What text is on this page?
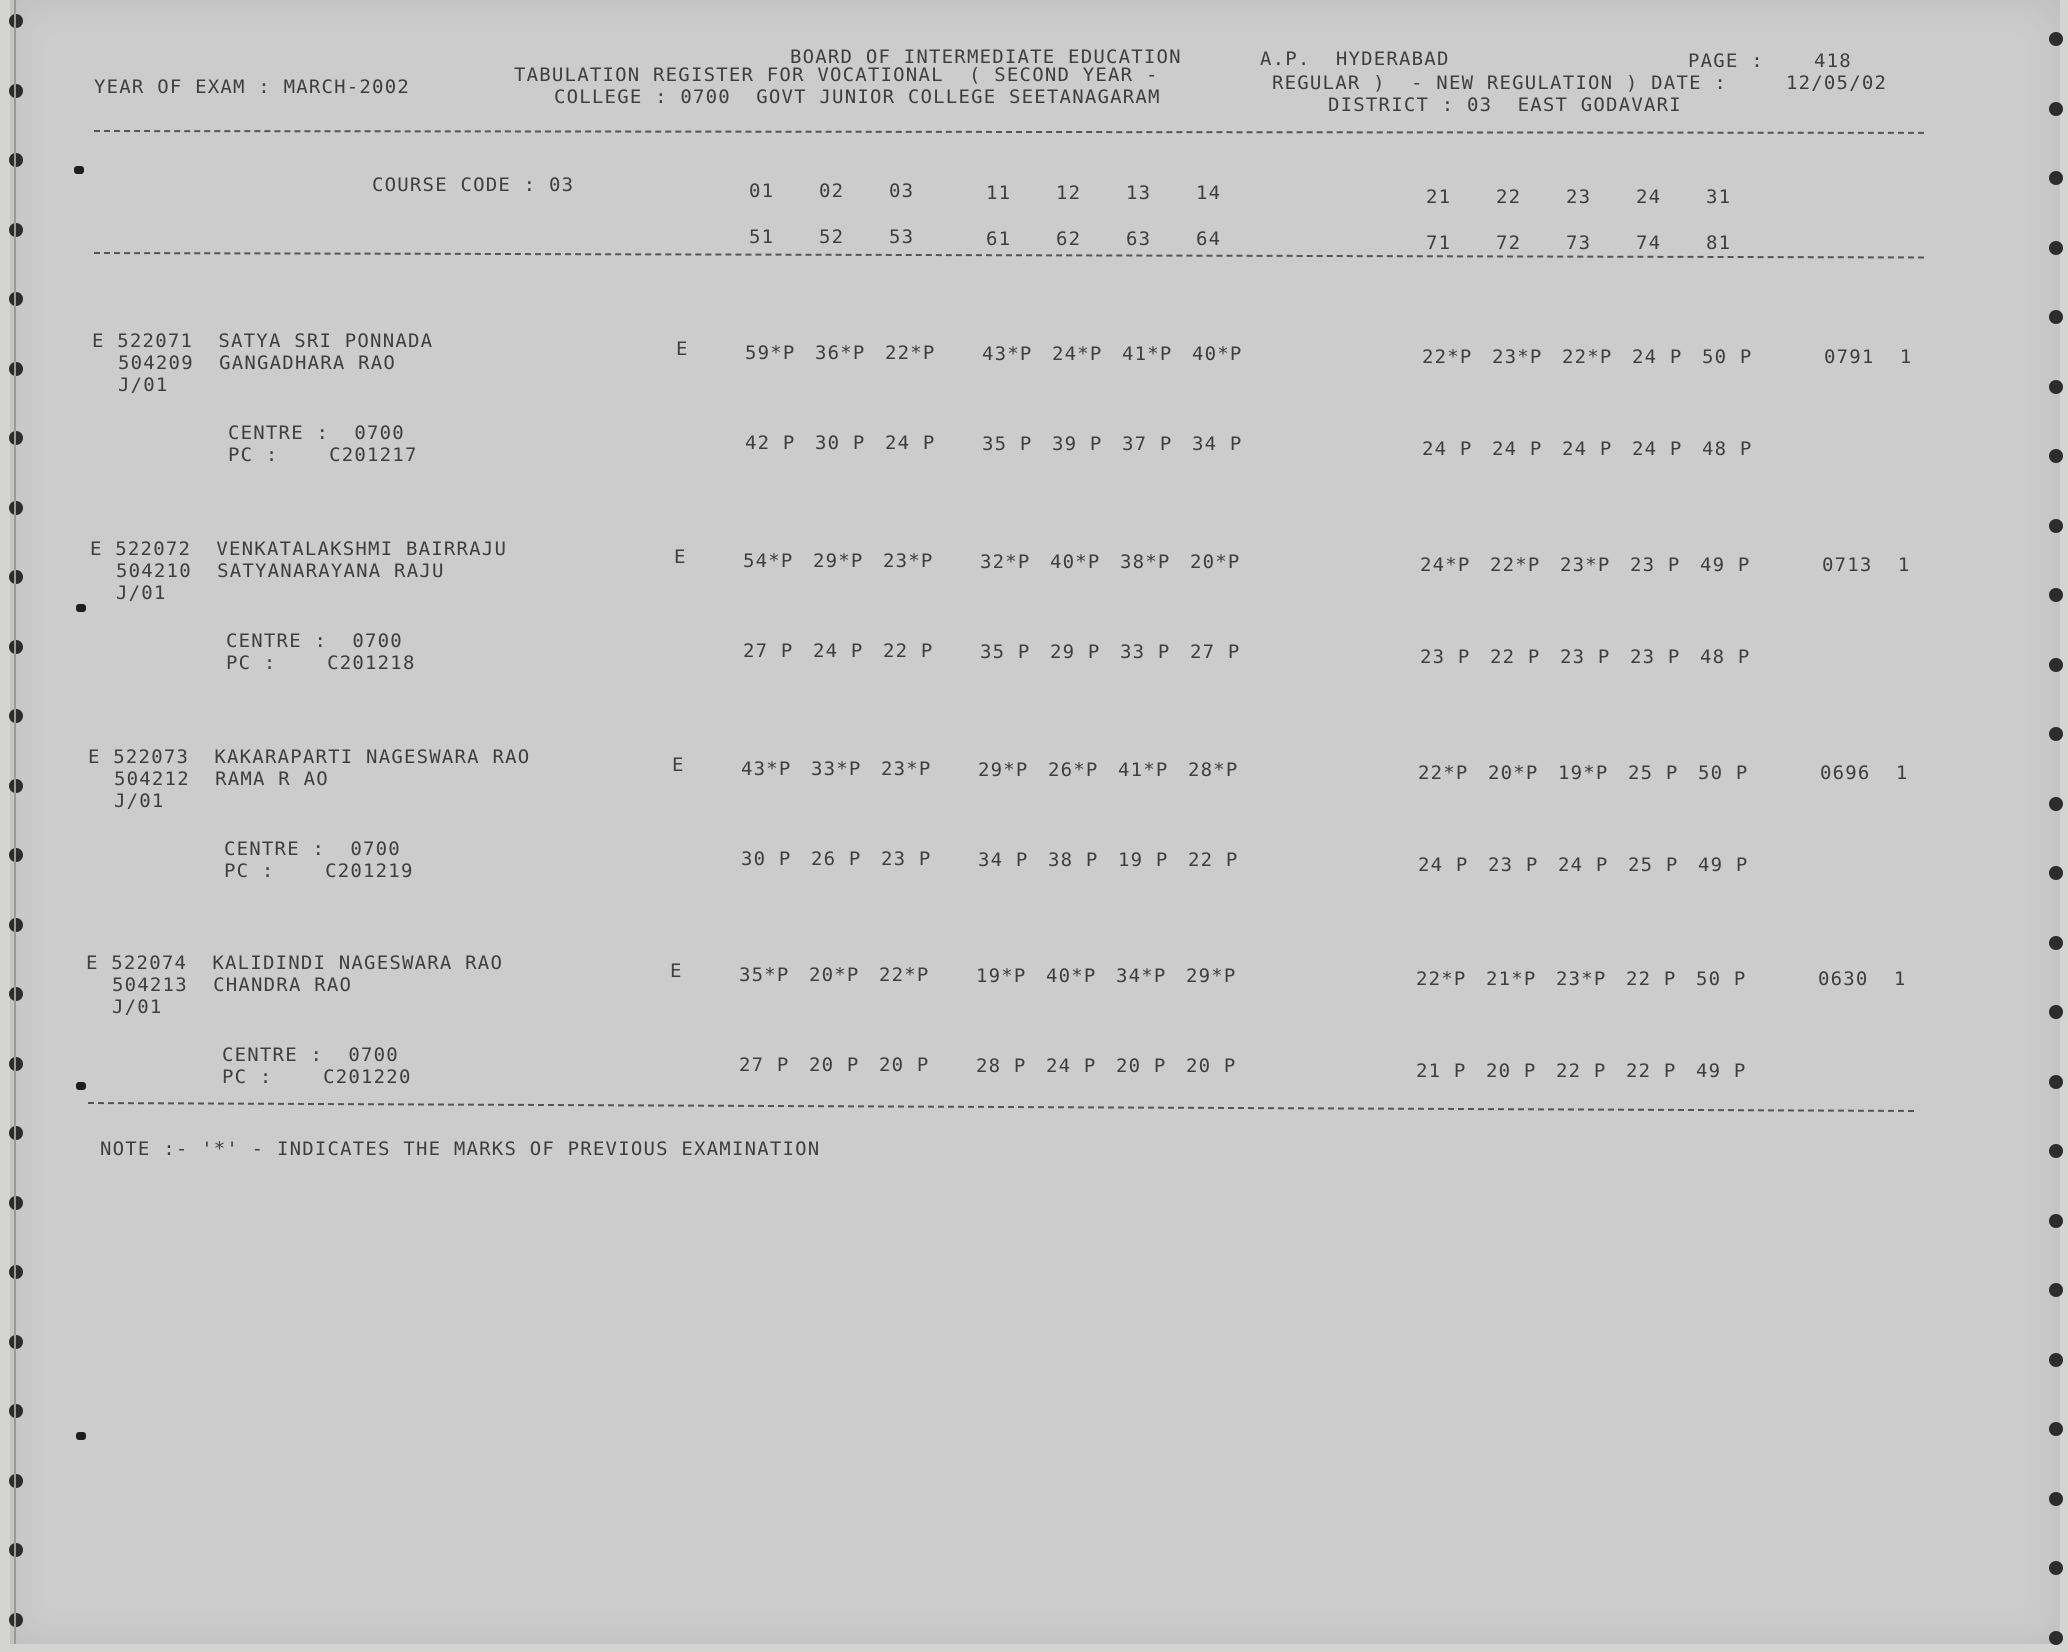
BOARD OF INTERMEDIATE EDUCATION	A.P.  HYDERABAD	PAGE :	418
YEAR OF EXAM : MARCH-2002
TABULATION REGISTER FOR VOCATIONAL  ( SECOND YEAR -	REGULAR )  - NEW REGULATION ) DATE :	12/05/02
COLLEGE : 0700  GOVT JUNIOR COLLEGE SEETANAGARAM	DISTRICT : 03  EAST GODAVARI
COURSE CODE : 03	01 02 03	11 12 13 14	21 22 23 24 31
51 52 53	61 62 63 64	71 72 73 74 81
E 522071  SATYA SRI PONNADA
504209  GANGADHARA RAO
J/01
E	59*P 36*P 22*P 43*P 24*P 41*P 40*P	22*P 23*P 22*P 24 P 50 P	0791  1
CENTRE :  0700
PC :    C201217
42 P 30 P 24 P 35 P 39 P 37 P 34 P	24 P 24 P 24 P 24 P 48 P
E 522072  VENKATALAKSHMI BAIRRAJU
504210  SATYANARAYANA RAJU
J/01
E	54*P 29*P 23*P 32*P 40*P 38*P 20*P	24*P 22*P 23*P 23 P 49 P	0713  1
CENTRE :  0700
PC :    C201218
27 P 24 P 22 P 35 P 29 P 33 P 27 P	23 P 22 P 23 P 23 P 48 P
E 522073  KAKARAPARTI NAGESWARA RAO
504212  RAMA R AO
J/01
E	43*P 33*P 23*P 29*P 26*P 41*P 28*P	22*P 20*P 19*P 25 P 50 P	0696  1
CENTRE :  0700
PC :    C201219
30 P 26 P 23 P 34 P 38 P 19 P 22 P	24 P 23 P 24 P 25 P 49 P
E 522074  KALIDINDI NAGESWARA RAO
504213  CHANDRA RAO
J/01
E	35*P 20*P 22*P 19*P 40*P 34*P 29*P	22*P 21*P 23*P 22 P 50 P	0630  1
CENTRE :  0700
PC :    C201220
27 P 20 P 20 P 28 P 24 P 20 P 20 P	21 P 20 P 22 P 22 P 49 P
NOTE :- '*' - INDICATES THE MARKS OF PREVIOUS EXAMINATION
